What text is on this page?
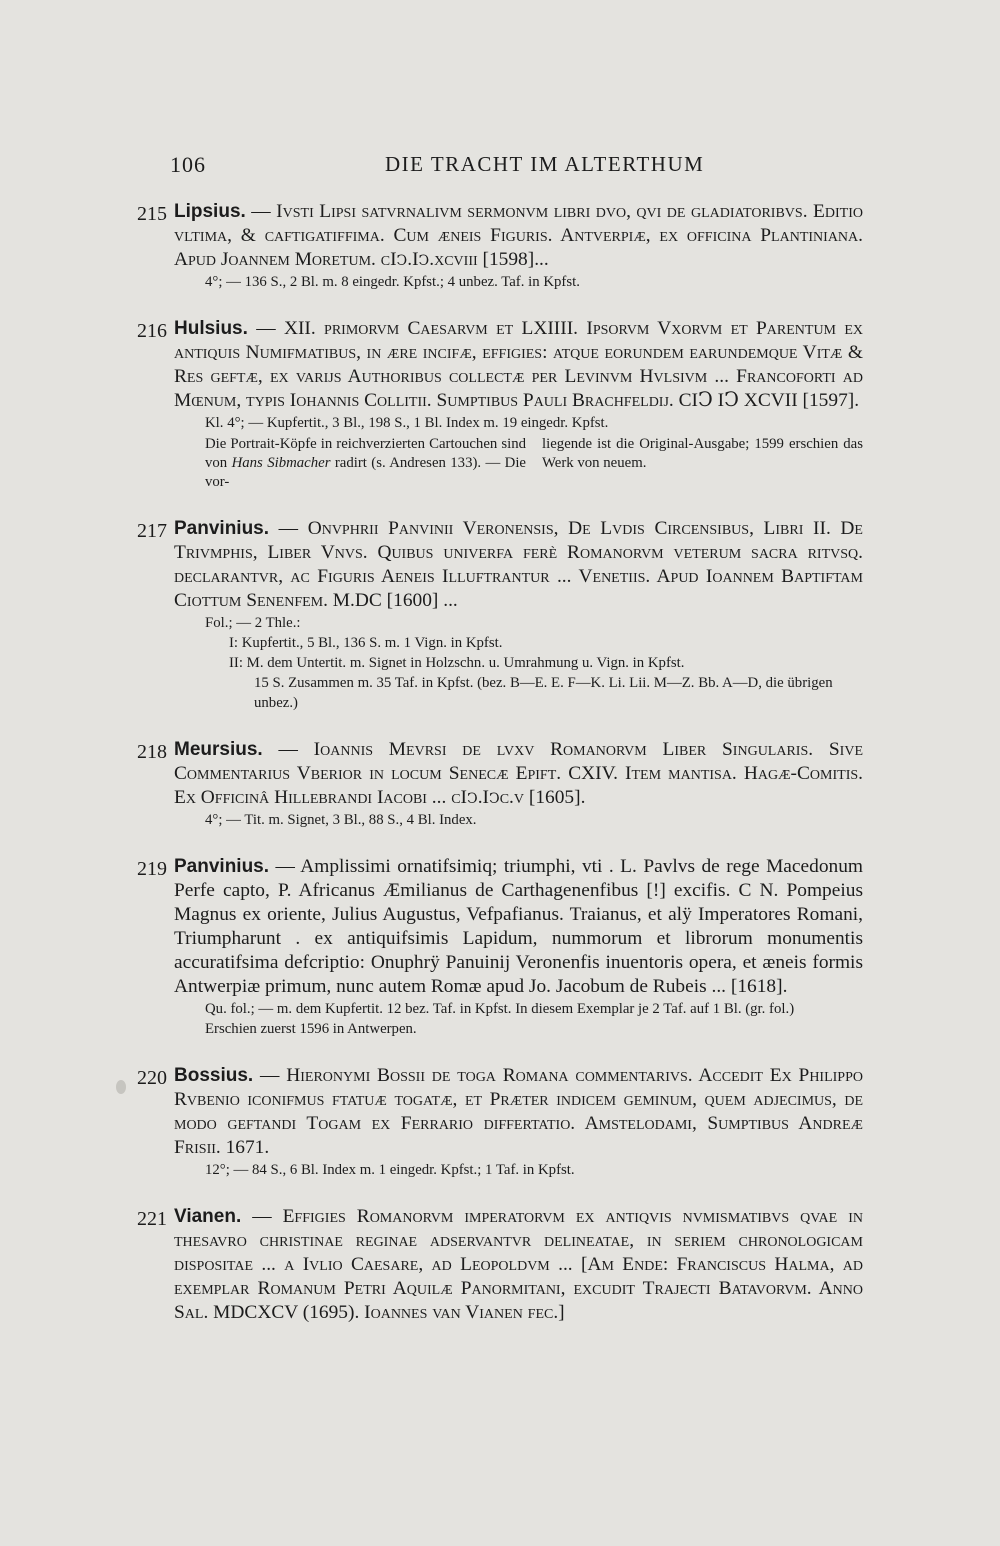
106	DIE TRACHT IM ALTERTHUM
215 Lipsius. — Ivsti Lipsi satvrnalivm sermonvm libri dvo, qvi de gladiatoribvs. Editio vltima, & caftigatiffima. Cum æneis Figuris. Antverpiæ, ex officina Plantiniana. Apud Joannem Moretum. cIↄ.Iↄ.xcviii [1598]...
4°; — 136 S., 2 Bl. m. 8 eingedr. Kpfst.; 4 unbez. Taf. in Kpfst.
216 Hulsius. — XII. primorvm Caesarvm et LXIIII. Ipsorvm Vxorvm et Parentum ex antiquis Numifmatibus, in ære incifæ, effigies: atque eorundem earundemque Vitæ & Res geftæ, ex varijs Authoribus collectæ per Levinvm Hvlsivm ... Francoforti ad Mœnum, typis Iohannis Collitii. Sumptibus Pauli Brachfeldij. CIↃ IↃ XCVII [1597].
Kl. 4°; — Kupfertit., 3 Bl., 198 S., 1 Bl. Index m. 19 eingedr. Kpfst.
Die Portrait-Köpfe in reichverzierten Cartouchen sind von Hans Sibmacher radirt (s. Andresen 133). — Die vor-
liegende ist die Original-Ausgabe; 1599 erschien das Werk von neuem.
217 Panvinius. — Onvphrii Panvinii Veronensis, De Lvdis Circensibus, Libri II. De Trivmphis, Liber Vnvs. Quibus univerfa ferè Romanorvm veterum sacra ritvsq. declarantvr, ac Figuris Aeneis Illuftrantur ... Venetiis. Apud Ioannem Baptiftam Ciottum Senenfem. M.DC [1600] ...
Fol.; — 2 Thle.:
I: Kupfertit., 5 Bl., 136 S. m. 1 Vign. in Kpfst.
II: M. dem Untertit. m. Signet in Holzschn. u. Umrahmung u. Vign. in Kpfst.
15 S. Zusammen m. 35 Taf. in Kpfst. (bez. B—E. E. F—K. Li. Lii. M—Z. Bb. A—D, die übrigen unbez.)
218 Meursius. — Ioannis Mevrsi de lvxv Romanorvm Liber Singularis. Sive Commentarius Vberior in locum Senecæ Epift. CXIV. Item mantisa. Hagæ-Comitis. Ex Officinâ Hillebrandi Iacobi ... cIↄ.Iↄc.v [1605].
4°; — Tit. m. Signet, 3 Bl., 88 S., 4 Bl. Index.
219 Panvinius. — Amplissimi ornatifsimiq; triumphi, vti . L. Pavlvs de rege Macedonum Perfe capto, P. Africanus Æmilianus de Carthagenenfibus [!] excifis. C N. Pompeius Magnus ex oriente, Julius Augustus, Vefpafianus. Traianus, et alÿ Imperatores Romani, Triumpharunt . ex antiquifsimis Lapidum, nummorum et librorum monumentis accuratifsima defcriptio: Onuphrÿ Panuinij Veronenfis inuentoris opera, et æneis formis Antwerpiæ primum, nunc autem Romæ apud Jo. Jacobum de Rubeis ... [1618].
Qu. fol.; — m. dem Kupfertit. 12 bez. Taf. in Kpfst. In diesem Exemplar je 2 Taf. auf 1 Bl. (gr. fol.)
Erschien zuerst 1596 in Antwerpen.
220 Bossius. — Hieronymi Bossii de toga Romana commentarivs. Accedit Ex Philippo Rvbenio iconifmus ftatuæ togatæ, et Præter indicem geminum, quem adjecimus, de modo geftandi Togam ex Ferrario differtatio. Amstelodami, Sumptibus Andreæ Frisii. 1671.
12°; — 84 S., 6 Bl. Index m. 1 eingedr. Kpfst.; 1 Taf. in Kpfst.
221 Vianen. — Effigies Romanorvm imperatorvm ex antiqvis nvmismatibvs qvae in thesavro christinae reginae adservantvr delineatae, in seriem chronologicam dispositae ... a Ivlio Caesare, ad Leopoldvm ... [Am Ende: Franciscus Halma, ad exemplar Romanum Petri Aquilæ Panormitani, excudit Trajecti Batavorvm. Anno Sal. MDCXCV (1695). Ioannes van Vianen fec.]
